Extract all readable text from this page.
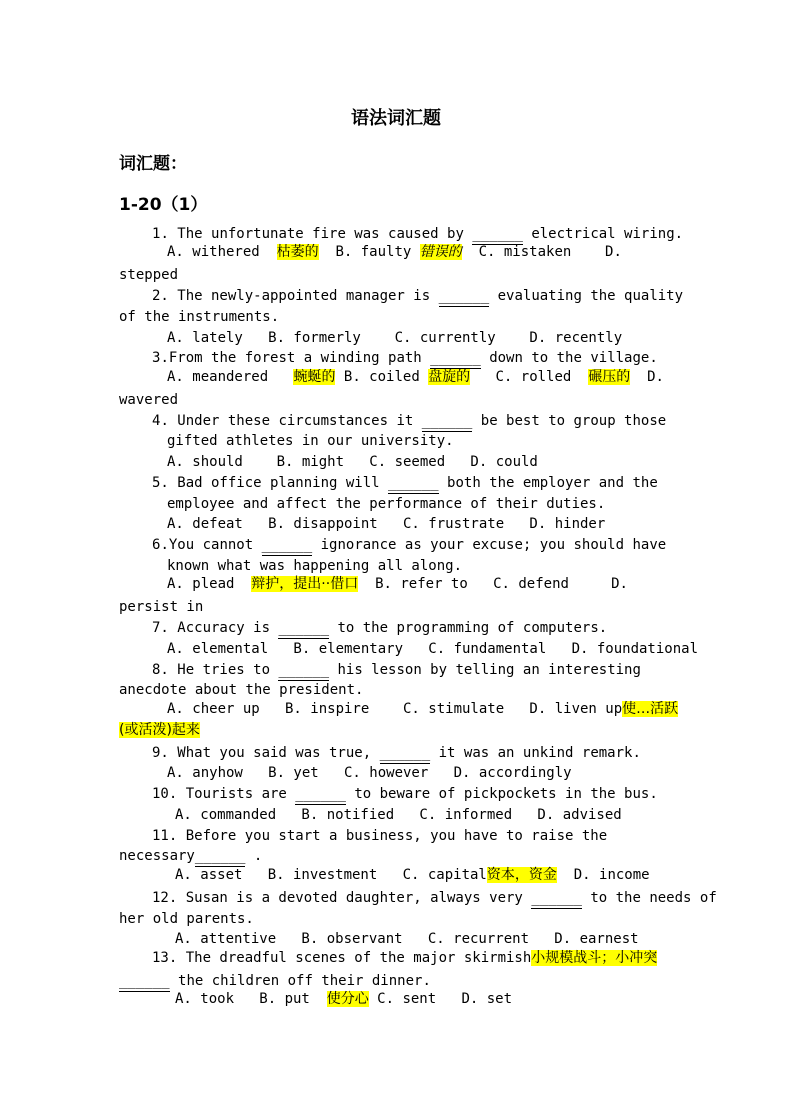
语法词汇题
词汇题：
1-20（1）
1. The unfortunate fire was caused by ______ electrical wiring.
A. withered 枯萎的 B. faulty 错误的 C. mistaken D.
stepped
2. The newly-appointed manager is ______ evaluating the quality
of the instruments.
A. lately   B. formerly    C. currently    D. recently
3.From the forest a winding path ______ down to the village.
A. meandered 蜿蜒的 B. coiled 盘旋的 C. rolled 碾压的 D.
wavered
4. Under these circumstances it ______ be best to group those
gifted athletes in our university.
A. should    B. might   C. seemed   D. could
5. Bad office planning will ______ both the employer and the
employee and affect the performance of their duties.
A. defeat   B. disappoint   C. frustrate   D. hinder
6.You cannot ______ ignorance as your excuse; you should have
known what was happening all along.
A. plead 辩护，提出··借口 B. refer to   C. defend     D.
persist in
7. Accuracy is ______ to the programming of computers.
A. elemental   B. elementary   C. fundamental   D. foundational
8. He tries to ______ his lesson by telling an interesting
anecdote about the president.
A. cheer up   B. inspire    C. stimulate   D. liven up使…活跃
(或活泼)起来
9. What you said was true, ______ it was an unkind remark.
A. anyhow   B. yet   C. however   D. accordingly
10. Tourists are ______ to beware of pickpockets in the bus.
A. commanded   B. notified   C. informed   D. advised
11. Before you start a business, you have to raise the
necessary______ .
A. asset   B. investment   C. capital资本，资金 D. income
12. Susan is a devoted daughter, always very ______ to the needs of
her old parents.
A. attentive   B. observant   C. recurrent   D. earnest
13. The dreadful scenes of the major skirmish小规模战斗；小冲突
______ the children off their dinner.
A. took   B. put 使分心 C. sent   D. set
